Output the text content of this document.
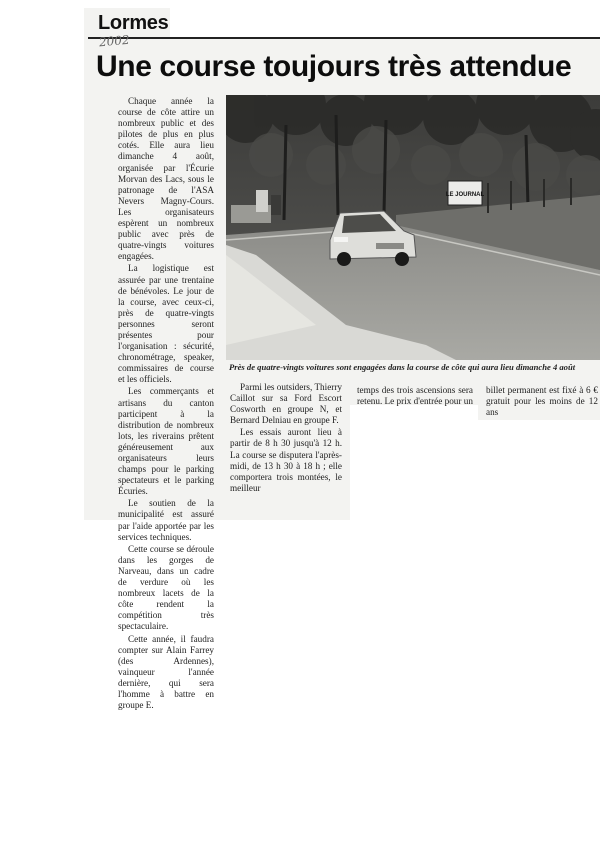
Lormes
2002
Une course toujours très attendue

Chaque année la course de côte attire un nombreux public et des pilotes de plus en plus cotés. Elle aura lieu dimanche 4 août, organisée par l'Écurie Morvan des Lacs, sous le patronage de l'ASA Nevers Magny-Cours. Les organisateurs espèrent un nombreux public avec près de quatre-vingts voitures engagées.

La logistique est assurée par une trentaine de bénévoles. Le jour de la course, avec ceux-ci, près de quatre-vingts personnes seront présentes pour l'organisation : sécurité, chronométrage, speaker, commissaires de course et les officiels.

Les commerçants et artisans du canton participent à la distribution de nombreux lots, les riverains prêtent généreusement aux organisateurs leurs champs pour le parking spectateurs et le parking Écuries.

Le soutien de la municipalité est assuré par l'aide apportée par les services techniques.

Cette course se déroule dans les gorges de Narveau, dans un cadre de verdure où les nombreux lacets de la côte rendent la compétition très spectaculaire.

Cette année, il faudra compter sur Alain Farrey (des Ardennes), vainqueur l'année dernière, qui sera l'homme à battre en groupe E.

LE JOURNAL
Près de quatre-vingts voitures sont engagées dans la course de côte qui aura lieu dimanche 4 août

Parmi les outsiders, Thierry Caillot sur sa Ford Escort Cosworth en groupe N, et Bernard Delniau en groupe F.

Les essais auront lieu à partir de 8 h 30 jusqu'à 12 h. La course se disputera l'après-midi, de 13 h 30 à 18 h ; elle comportera trois montées, le meilleur

temps des trois ascensions sera retenu. Le prix d'entrée pour un
billet permanent est fixé à 6 € gratuit pour les moins de 12 ans
